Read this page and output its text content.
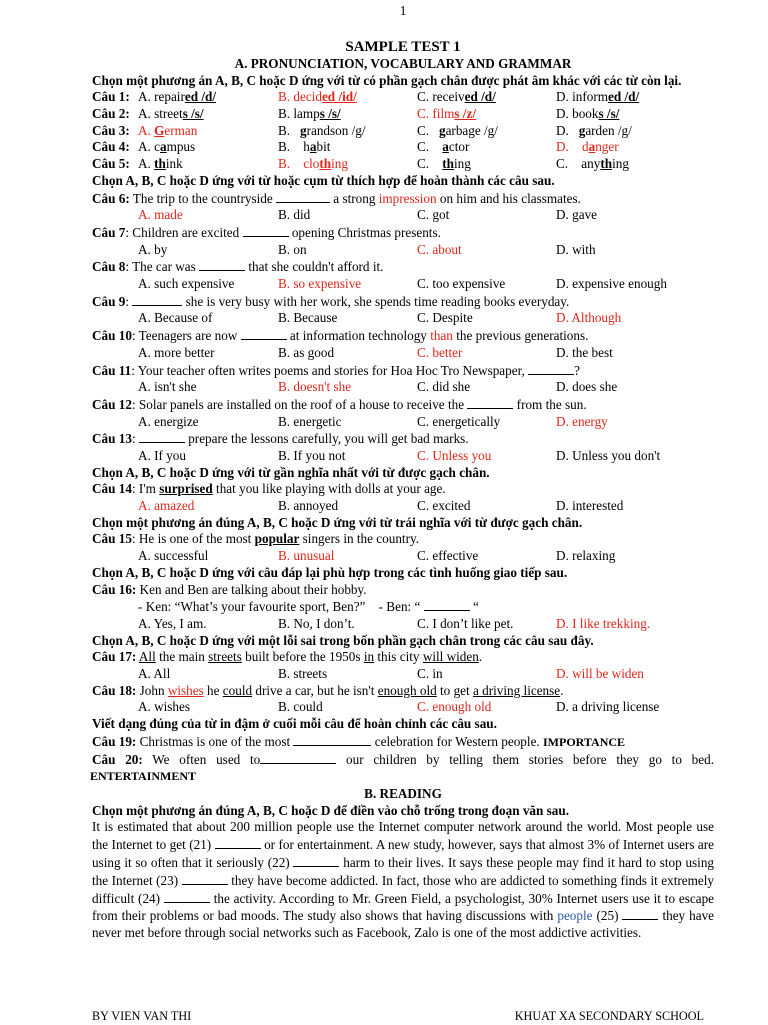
1
SAMPLE TEST 1
A. PRONUNCIATION, VOCABULARY AND GRAMMAR
Chọn một phương án A, B, C hoặc D ứng với từ có phần gạch chân được phát âm khác với các từ còn lại.
Câu 1: A. repaired /d/	B. decided /id/	C. received /d/	D. informed /d/
Câu 2: A. streets /s/	B. lamps /s/	C. films /z/	D. books /s/
Câu 3: A. German	B.   grandson /g/	C.   garbage /g/	D.   garden /g/
Câu 4: A. campus	B.    habit	C.    actor	D.    danger
Câu 5: A. think	B.    clothing	C.    thing	C.    anything
Chọn A, B, C hoặc D ứng với từ hoặc cụm từ thích hợp để hoàn thành các câu sau.
Câu 6: The trip to the countryside	a strong impression on him and his classmates.
A. made	B. did	C. got	D. gave
Câu 7: Children are excited	opening Christmas presents.
A. by	B. on	C. about	D. with
Câu 8: The car was	that she couldn't afford it.
A. such expensive	B. so expensive	C. too expensive	D. expensive enough
Câu 9:	she is very busy with her work, she spends time reading books everyday.
A. Because of	B. Because	C. Despite	D. Although
Câu 10: Teenagers are now	at information technology than the previous generations.
A. more better	B. as good	C. better	D. the best
Câu 11: Your teacher often writes poems and stories for Hoa Hoc Tro Newspaper,	?
A. isn't she	B. doesn't she	C. did she	D. does she
Câu 12: Solar panels are installed on the roof of a house to receive the	from the sun.
A. energize	B. energetic	C. energetically	D. energy
Câu 13:	prepare the lessons carefully, you will get bad marks.
A. If you	B. If you not	C. Unless you	D. Unless you don't
Chọn A, B, C hoặc D ứng với từ gần nghĩa nhất với từ được gạch chân.
Câu 14: I'm surprised that you like playing with dolls at your age.
A. amazed	B. annoyed	C. excited	D. interested
Chọn một phương án đúng A, B, C hoặc D ứng với từ trái nghĩa với từ được gạch chân.
Câu 15: He is one of the most popular singers in the country.
A. successful	B. unusual	C. effective	D. relaxing
Chọn A, B, C hoặc D ứng với câu đáp lại phù hợp trong các tình huống giao tiếp sau.
Câu 16: Ken and Ben are talking about their hobby.
- Ken: “What’s your favourite sport, Ben?” - Ben: “	“
A. Yes, I am.	B. No, I don’t.	C. I don’t like pet.	D. I like trekking.
Chọn A, B, C hoặc D ứng với một lỗi sai trong bốn phần gạch chân trong các câu sau đây.
Câu 17: All the main streets built before the 1950s in this city will widen.
A. All	B. streets	C. in	D. will be widen
Câu 18: John wishes he could drive a car, but he isn't enough old to get a driving license.
A. wishes	B. could	C. enough old	D. a driving license
Viết dạng đúng của từ in đậm ở cuối mỗi câu để hoàn chỉnh các câu sau.
Câu 19: Christmas is one of the most	celebration for Western people. IMPORTANCE
Câu 20: We often used to	our children by telling them stories before they go to bed.
ENTERTAINMENT
B. READING
Chọn một phương án đúng A, B, C hoặc D để điền vào chỗ trống trong đoạn văn sau.
It is estimated that about 200 million people use the Internet computer network around the world. Most people use the Internet to get (21)	or for entertainment. A new study, however, says that almost 3% of Internet users are using it so often that it seriously (22)	harm to their lives. It says these people may find it hard to stop using the Internet (23)	they have become addicted. In fact, those who are addicted to something finds it extremely difficult (24)	the activity. According to Mr. Green Field, a psychologist, 30% Internet users use it to escape from their problems or bad moods. The study also shows that having discussions with people (25)	they have never met before through social networks such as Facebook, Zalo is one of the most addictive activities.
BY VIEN VAN THI	KHUAT XA SECONDARY SCHOOL
